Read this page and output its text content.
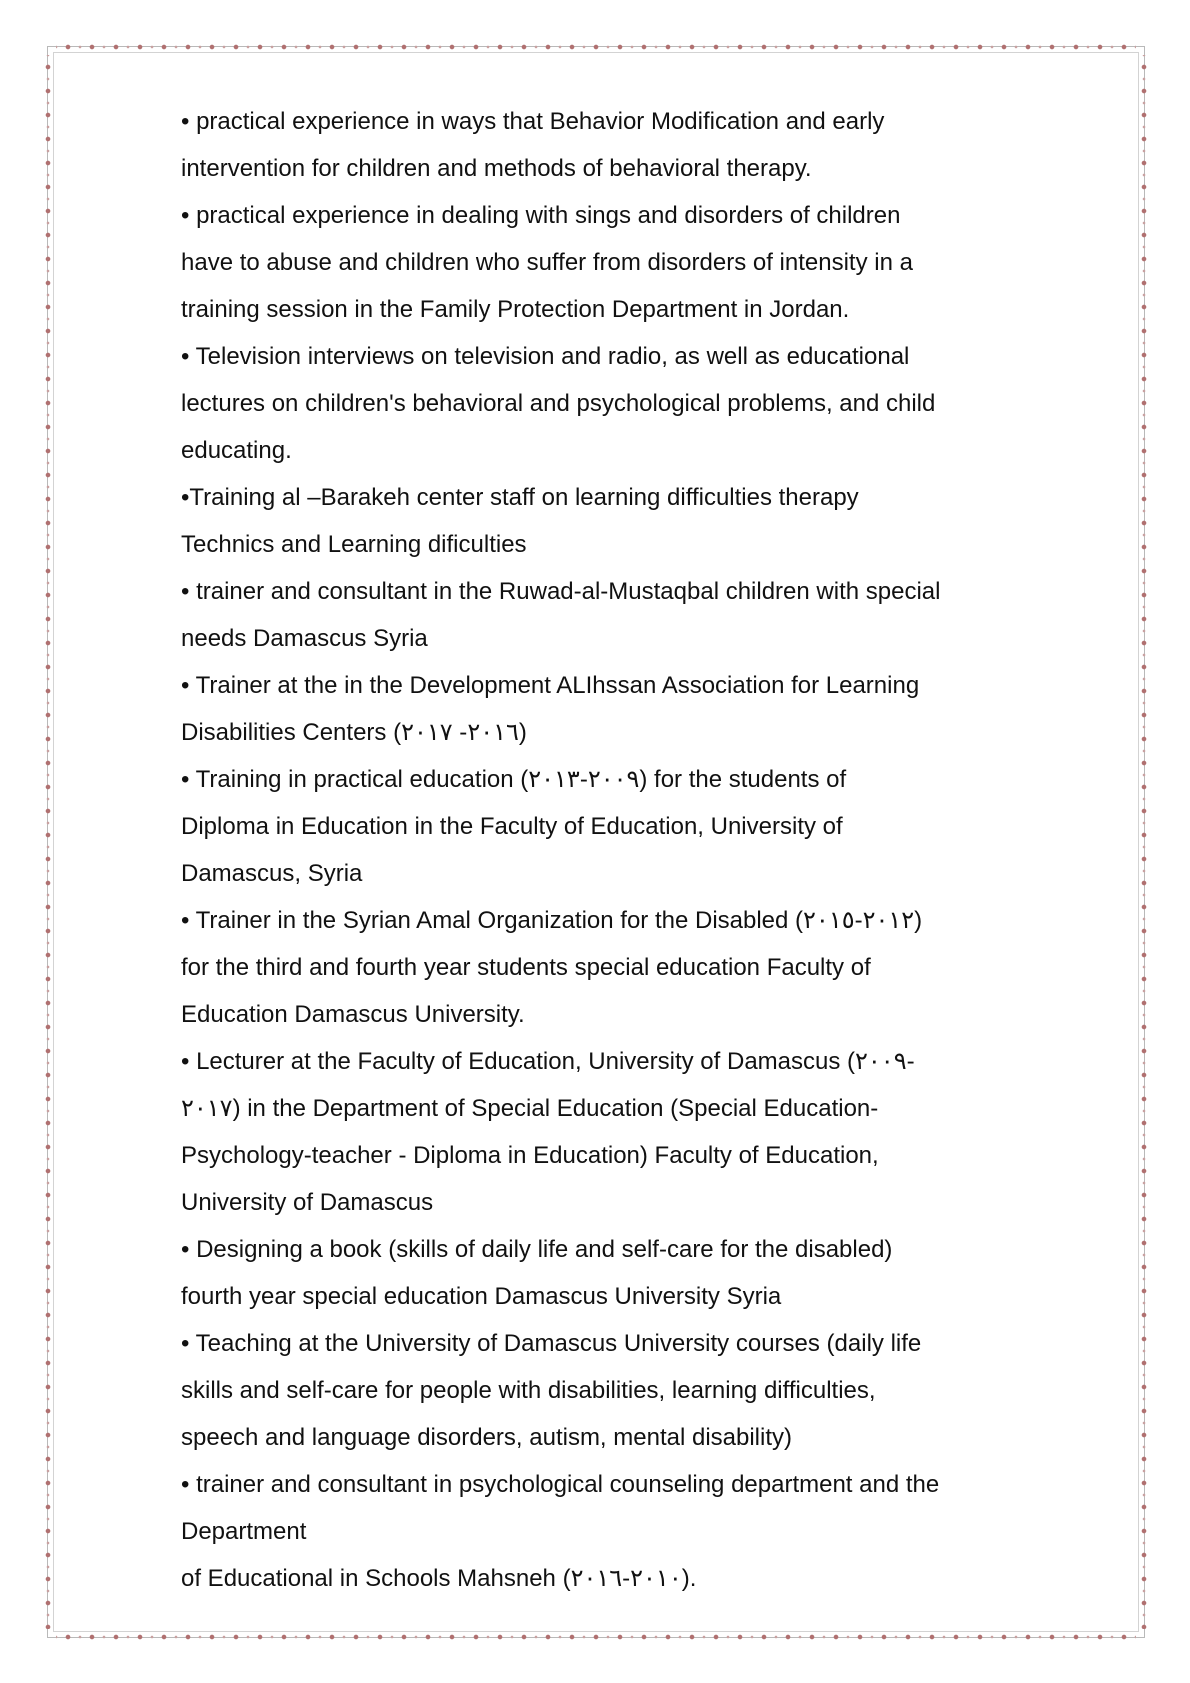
• practical experience in ways that Behavior Modification and early
intervention for children and methods of behavioral therapy.
• practical experience in dealing with sings and disorders of children
have to abuse and children who suffer from disorders of intensity in a
training session in the Family Protection Department in Jordan.
• Television interviews on television and radio, as well as educational
lectures on children's behavioral and psychological problems, and child
educating.
•Training al –Barakeh center staff on learning difficulties therapy
Technics and Learning dificulties
• trainer and consultant in the Ruwad-al-Mustaqbal children with special
needs Damascus Syria
• Trainer at the in the Development ALIhssan Association for Learning
Disabilities Centers (٢٠١٦- ٢٠١٧)
• Training in practical education (٢٠٠٩-٢٠١٣) for the students of
Diploma in Education in the Faculty of Education, University of
Damascus, Syria
• Trainer in the Syrian Amal Organization for the Disabled (٢٠١٢-٢٠١٥)
for the third and fourth year students special education Faculty of
Education Damascus University.
• Lecturer at the Faculty of Education, University of Damascus (٢٠٠٩-
٢٠١٧) in the Department of Special Education (Special Education-
Psychology-teacher - Diploma in Education) Faculty of Education,
University of Damascus
• Designing a book (skills of daily life and self-care for the disabled)
fourth year special education Damascus University Syria
• Teaching at the University of Damascus University courses (daily life
skills and self-care for people with disabilities, learning difficulties,
speech and language disorders, autism, mental disability)
• trainer and consultant in psychological counseling department and the
Department
of Educational in Schools Mahsneh (٢٠١٠-٢٠١٦).
